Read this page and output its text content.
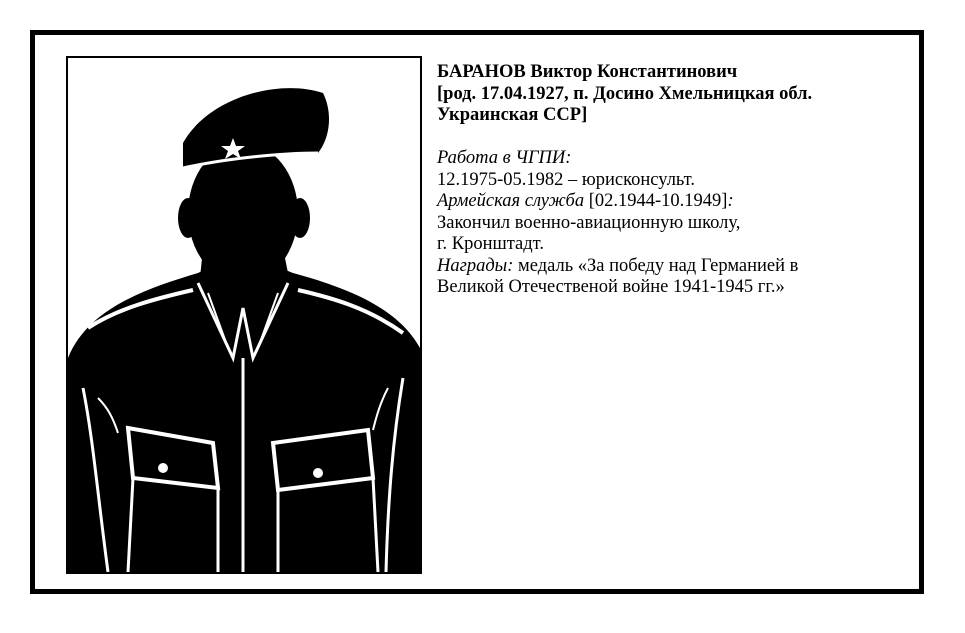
БАРАНОВ Виктор Константинович
[род. 17.04.1927, п. Досино Хмельницкая обл.
Украинская ССР]
Работа в ЧГПИ:
12.1975-05.1982 – юрисконсульт.
Армейская служба [02.1944-10.1949]:
Закончил военно-авиационную школу,
г. Кронштадт.
Награды: медаль «За победу над Германией в
Великой Отечественой войне 1941-1945 гг.»
